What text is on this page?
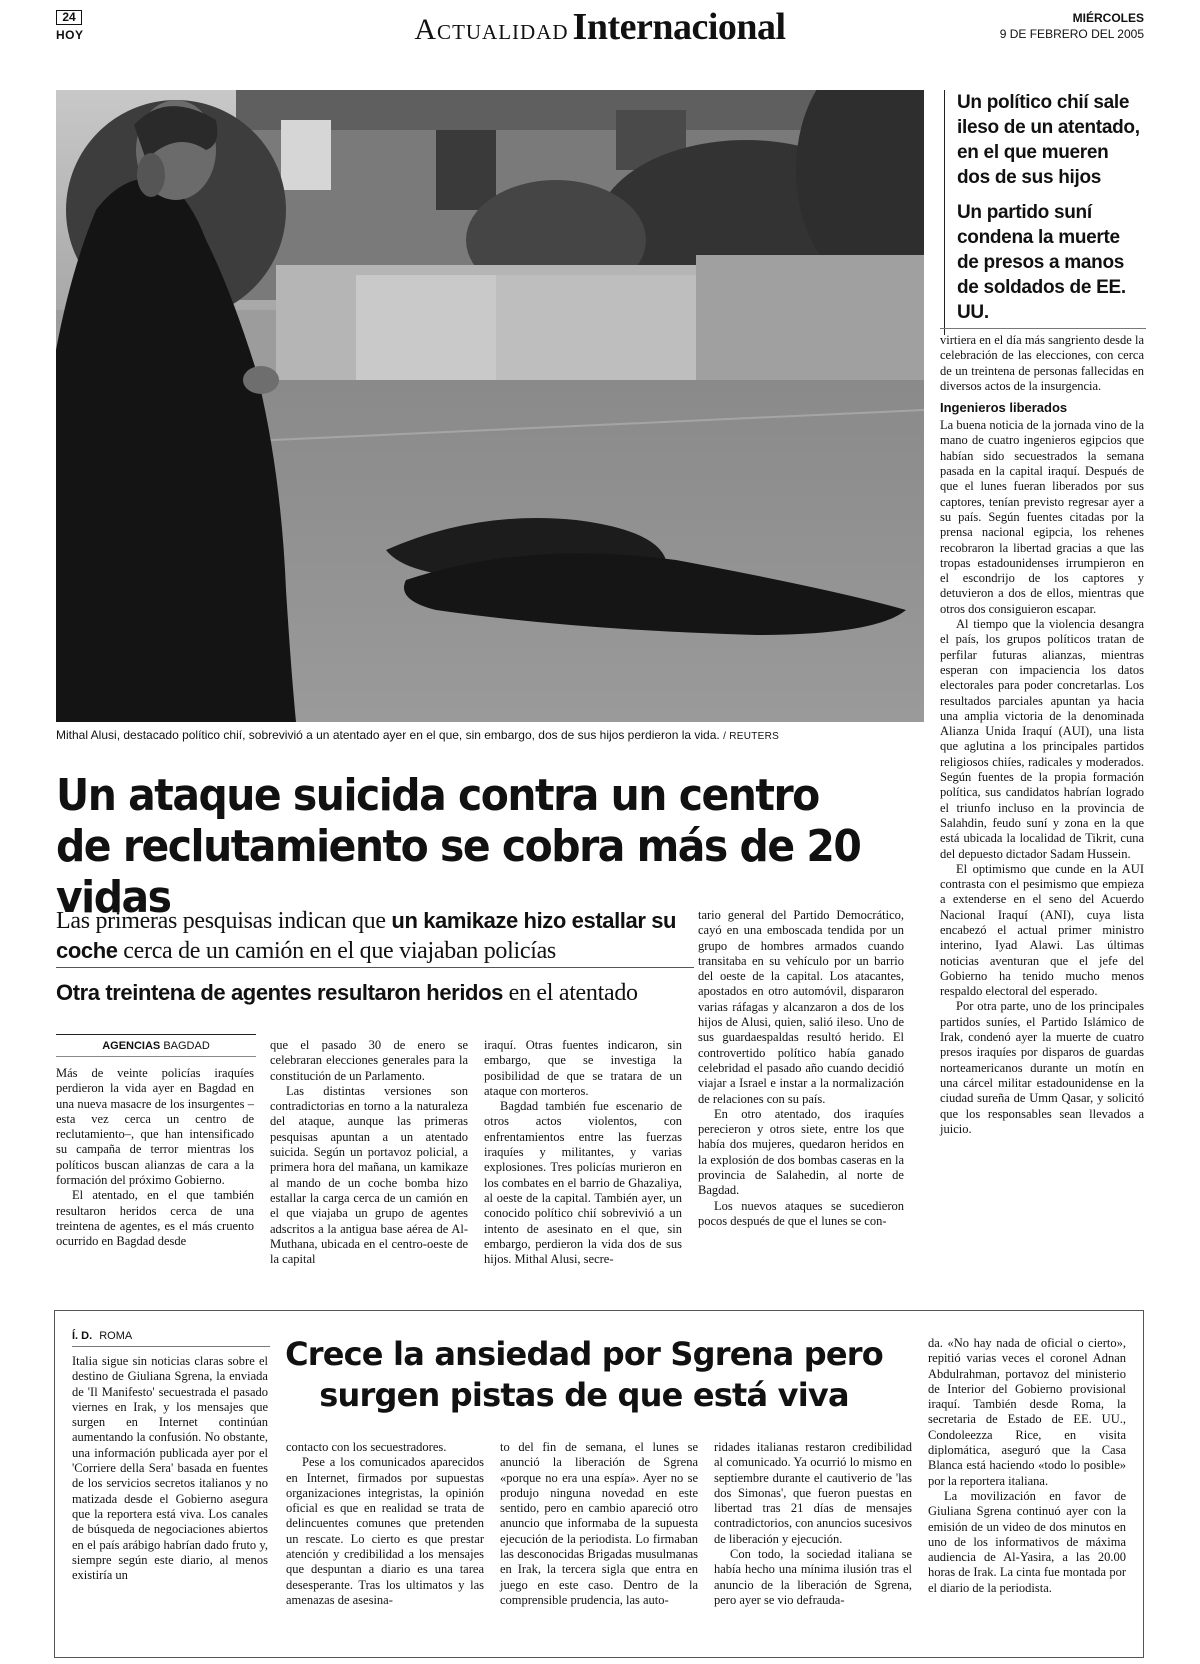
24
HOY	Actualidad Internacional	MIÉRCOLES
9 DE FEBRERO DEL 2005
Mithal Alusi, destacado político chií, sobrevivió a un atentado ayer en el que, sin embargo, dos de sus hijos perdieron la vida. / REUTERS

Un político chií sale ileso de un atentado, en el que mueren dos de sus hijos

Un partido suní condena la muerte de presos a manos de soldados de EE. UU.

virtiera en el día más sangriento desde la celebración de las elecciones, con cerca de un treintena de personas fallecidas en diversos actos de la insurgencia.

Ingenieros liberados

La buena noticia de la jornada vino de la mano de cuatro ingenieros egipcios que habían sido secuestrados la semana pasada en la capital iraquí. Después de que el lunes fueran liberados por sus captores, tenían previsto regresar ayer a su país. Según fuentes citadas por la prensa nacional egipcia, los rehenes recobraron la libertad gracias a que las tropas estadounidenses irrumpieron en el escondrijo de los captores y detuvieron a dos de ellos, mientras que otros dos consiguieron escapar.

Al tiempo que la violencia desangra el país, los grupos políticos tratan de perfilar futuras alianzas, mientras esperan con impaciencia los datos electorales para poder concretarlas. Los resultados parciales apuntan ya hacia una amplia victoria de la denominada Alianza Unida Iraquí (AUI), una lista que aglutina a los principales partidos religiosos chiíes, radicales y moderados. Según fuentes de la propia formación política, sus candidatos habrían logrado el triunfo incluso en la provincia de Salahdin, feudo suní y zona en la que está ubicada la localidad de Tikrit, cuna del depuesto dictador Sadam Hussein.

El optimismo que cunde en la AUI contrasta con el pesimismo que empieza a extenderse en el seno del Acuerdo Nacional Iraquí (ANI), cuya lista encabezó el actual primer ministro interino, Iyad Alawi. Las últimas noticias aventuran que el jefe del Gobierno ha tenido mucho menos respaldo electoral del esperado.

Por otra parte, uno de los principales partidos suníes, el Partido Islámico de Irak, condenó ayer la muerte de cuatro presos iraquíes por disparos de guardas norteamericanos durante un motín en una cárcel militar estadounidense en la ciudad sureña de Umm Qasar, y solicitó que los responsables sean llevados a juicio.

Un ataque suicida contra un centro de reclutamiento se cobra más de 20 vidas
Las primeras pesquisas indican que un kamikaze hizo estallar su coche cerca de un camión en el que viajaban policías
Otra treintena de agentes resultaron heridos en el atentado
AGENCIAS BAGDAD

Más de veinte policías iraquíes perdieron la vida ayer en Bagdad en una nueva masacre de los insurgentes –esta vez cerca un centro de reclutamiento–, que han intensificado su campaña de terror mientras los políticos buscan alianzas de cara a la formación del próximo Gobierno.

El atentado, en el que también resultaron heridos cerca de una treintena de agentes, es el más cruento ocurrido en Bagdad desde

que el pasado 30 de enero se celebraran elecciones generales para la constitución de un Parlamento.

Las distintas versiones son contradictorias en torno a la naturaleza del ataque, aunque las primeras pesquisas apuntan a un atentado suicida. Según un portavoz policial, a primera hora del mañana, un kamikaze al mando de un coche bomba hizo estallar la carga cerca de un camión en el que viajaba un grupo de agentes adscritos a la antigua base aérea de Al-Muthana, ubicada en el centro-oeste de la capital

iraquí. Otras fuentes indicaron, sin embargo, que se investiga la posibilidad de que se tratara de un ataque con morteros.

Bagdad también fue escenario de otros actos violentos, con enfrentamientos entre las fuerzas iraquíes y militantes, y varias explosiones. Tres policías murieron en los combates en el barrio de Ghazaliya, al oeste de la capital. También ayer, un conocido político chií sobrevivió a un intento de asesinato en el que, sin embargo, perdieron la vida dos de sus hijos. Mithal Alusi, secre-

tario general del Partido Democrático, cayó en una emboscada tendida por un grupo de hombres armados cuando transitaba en su vehículo por un barrio del oeste de la capital. Los atacantes, apostados en otro automóvil, dispararon varias ráfagas y alcanzaron a dos de los hijos de Alusi, quien, salió ileso. Uno de sus guardaespaldas resultó herido. El controvertido político había ganado celebridad el pasado año cuando decidió viajar a Israel e instar a la normalización de relaciones con su país.

En otro atentado, dos iraquíes perecieron y otros siete, entre los que había dos mujeres, quedaron heridos en la explosión de dos bombas caseras en la provincia de Salahedin, al norte de Bagdad.

Los nuevos ataques se sucedieron pocos después de que el lunes se con-

Í. D. ROMA	Crece la ansiedad por Sgrena pero surgen pistas de que está viva

Italia sigue sin noticias claras sobre el destino de Giuliana Sgrena, la enviada de 'Il Manifesto' secuestrada el pasado viernes en Irak, y los mensajes que surgen en Internet continúan aumentando la confusión. No obstante, una información publicada ayer por el 'Corriere della Sera' basada en fuentes de los servicios secretos italianos y no matizada desde el Gobierno asegura que la reportera está viva. Los canales de búsqueda de negociaciones abiertos en el país arábigo habrían dado fruto y, siempre según este diario, al menos existiría un

contacto con los secuestradores.

Pese a los comunicados aparecidos en Internet, firmados por supuestas organizaciones integristas, la opinión oficial es que en realidad se trata de delincuentes comunes que pretenden un rescate. Lo cierto es que prestar atención y credibilidad a los mensajes que despuntan a diario es una tarea desesperante. Tras los ultimatos y las amenazas de asesina-

to del fin de semana, el lunes se anunció la liberación de Sgrena «porque no era una espía». Ayer no se produjo ninguna novedad en este sentido, pero en cambio apareció otro anuncio que informaba de la supuesta ejecución de la periodista. Lo firmaban las desconocidas Brigadas musulmanas en Irak, la tercera sigla que entra en juego en este caso. Dentro de la comprensible prudencia, las auto-

ridades italianas restaron credibilidad al comunicado. Ya ocurrió lo mismo en septiembre durante el cautiverio de 'las dos Simonas', que fueron puestas en libertad tras 21 días de mensajes contradictorios, con anuncios sucesivos de liberación y ejecución.

Con todo, la sociedad italiana se había hecho una mínima ilusión tras el anuncio de la liberación de Sgrena, pero ayer se vio defrauda-

da. «No hay nada de oficial o cierto», repitió varias veces el coronel Adnan Abdulrahman, portavoz del ministerio de Interior del Gobierno provisional iraquí. También desde Roma, la secretaria de Estado de EE. UU., Condoleezza Rice, en visita diplomática, aseguró que la Casa Blanca está haciendo «todo lo posible» por la reportera italiana.

La movilización en favor de Giuliana Sgrena continuó ayer con la emisión de un video de dos minutos en uno de los informativos de máxima audiencia de Al-Yasira, a las 20.00 horas de Irak. La cinta fue montada por el diario de la periodista.
